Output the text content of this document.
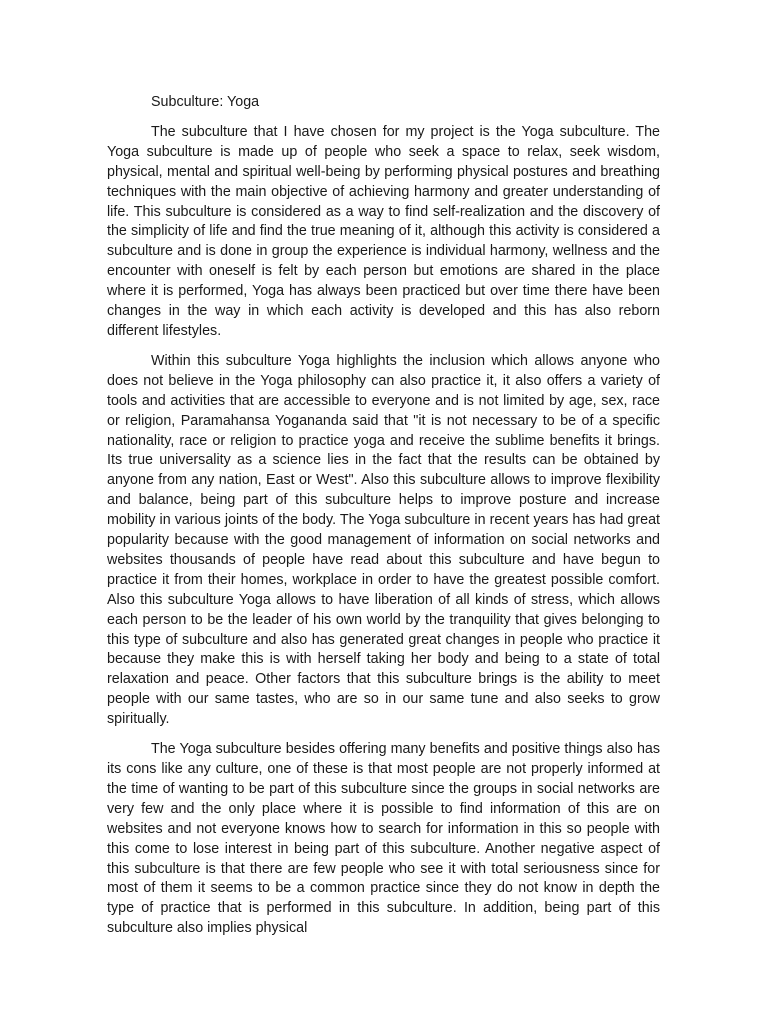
Subculture: Yoga

The subculture that I have chosen for my project is the Yoga subculture. The Yoga subculture is made up of people who seek a space to relax, seek wisdom, physical, mental and spiritual well-being by performing physical postures and breathing techniques with the main objective of achieving harmony and greater understanding of life. This subculture is considered as a way to find self-realization and the discovery of the simplicity of life and find the true meaning of it, although this activity is considered a subculture and is done in group the experience is individual harmony, wellness and the encounter with oneself is felt by each person but emotions are shared in the place where it is performed, Yoga has always been practiced but over time there have been changes in the way in which each activity is developed and this has also reborn different lifestyles.

Within this subculture Yoga highlights the inclusion which allows anyone who does not believe in the Yoga philosophy can also practice it, it also offers a variety of tools and activities that are accessible to everyone and is not limited by age, sex, race or religion, Paramahansa Yogananda said that "it is not necessary to be of a specific nationality, race or religion to practice yoga and receive the sublime benefits it brings. Its true universality as a science lies in the fact that the results can be obtained by anyone from any nation, East or West". Also this subculture allows to improve flexibility and balance, being part of this subculture helps to improve posture and increase mobility in various joints of the body. The Yoga subculture in recent years has had great popularity because with the good management of information on social networks and websites thousands of people have read about this subculture and have begun to practice it from their homes, workplace in order to have the greatest possible comfort. Also this subculture Yoga allows to have liberation of all kinds of stress, which allows each person to be the leader of his own world by the tranquility that gives belonging to this type of subculture and also has generated great changes in people who practice it because they make this is with herself taking her body and being to a state of total relaxation and peace. Other factors that this subculture brings is the ability to meet people with our same tastes, who are so in our same tune and also seeks to grow spiritually.

The Yoga subculture besides offering many benefits and positive things also has its cons like any culture, one of these is that most people are not properly informed at the time of wanting to be part of this subculture since the groups in social networks are very few and the only place where it is possible to find information of this are on websites and not everyone knows how to search for information in this so people with this come to lose interest in being part of this subculture. Another negative aspect of this subculture is that there are few people who see it with total seriousness since for most of them it seems to be a common practice since they do not know in depth the type of practice that is performed in this subculture. In addition, being part of this subculture also implies physical
